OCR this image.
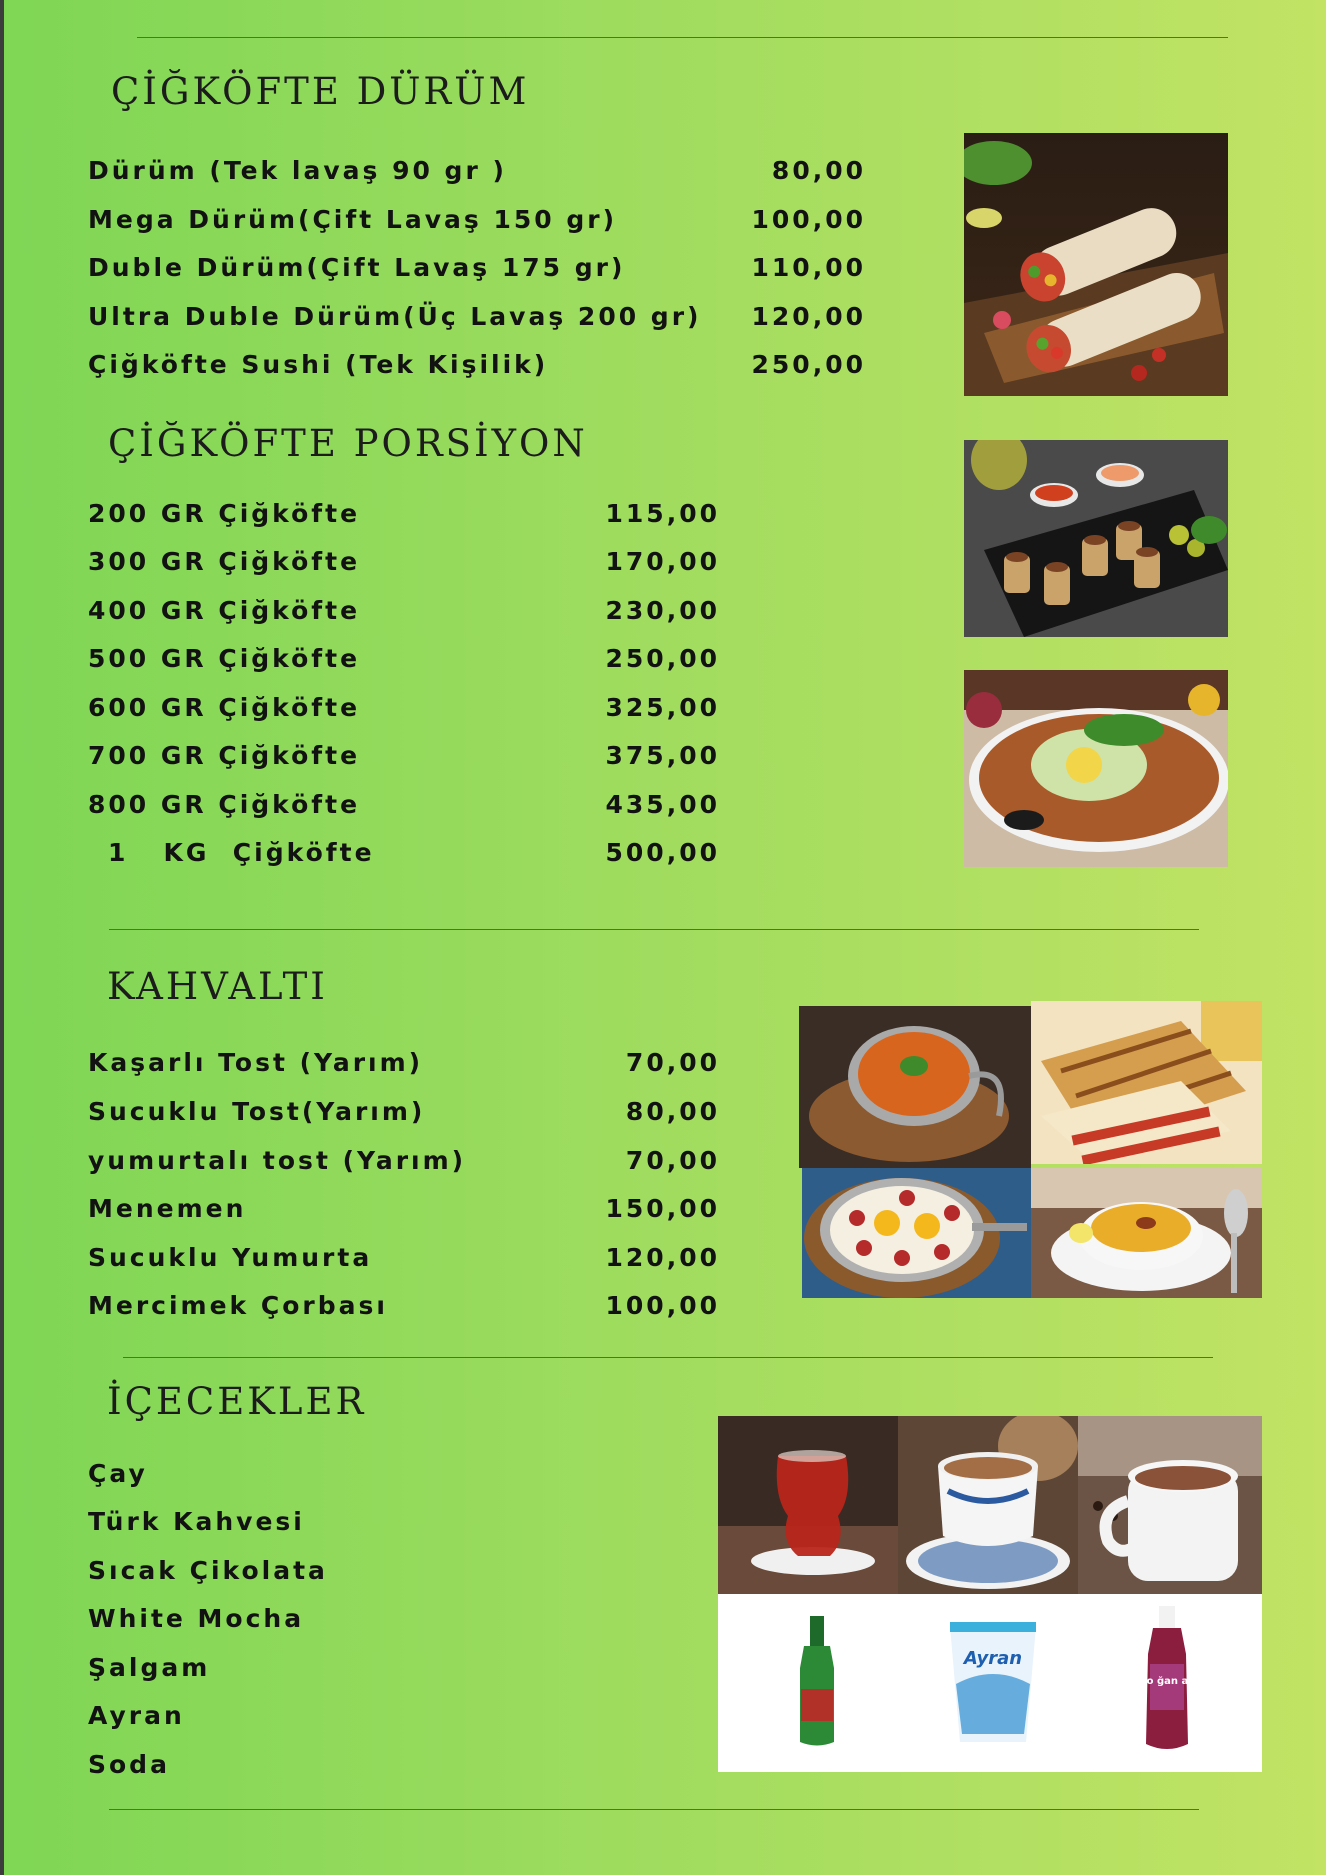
ÇİĞKÖFTE DÜRÜM
ÇİĞKÖFTE PORSİYON
KAHVALTI
İÇECEKLER
Dürüm (Tek lavaş 90 gr )	80,00
Mega Dürüm(Çift Lavaş 150 gr)	100,00
Duble Dürüm(Çift Lavaş 175 gr)	110,00
Ultra Duble Dürüm(Üç Lavaş 200 gr)	120,00
Çiğköfte Sushi (Tek Kişilik)	250,00
200 GR Çiğköfte	115,00
300 GR Çiğköfte	170,00
400 GR Çiğköfte	230,00
500 GR Çiğköfte	250,00
600 GR Çiğköfte	325,00
700 GR Çiğköfte	375,00
800 GR Çiğköfte	435,00
1   KG  Çiğköfte	500,00
Kaşarlı Tost (Yarım)	70,00
Sucuklu Tost(Yarım)	80,00
yumurtalı tost (Yarım)	70,00
Menemen	150,00
Sucuklu Yumurta	120,00
Mercimek Çorbası	100,00
Çay
Türk Kahvesi
Sıcak Çikolata
White Mocha
Şalgam
Ayran
Soda
Ayran
do ğan ay
